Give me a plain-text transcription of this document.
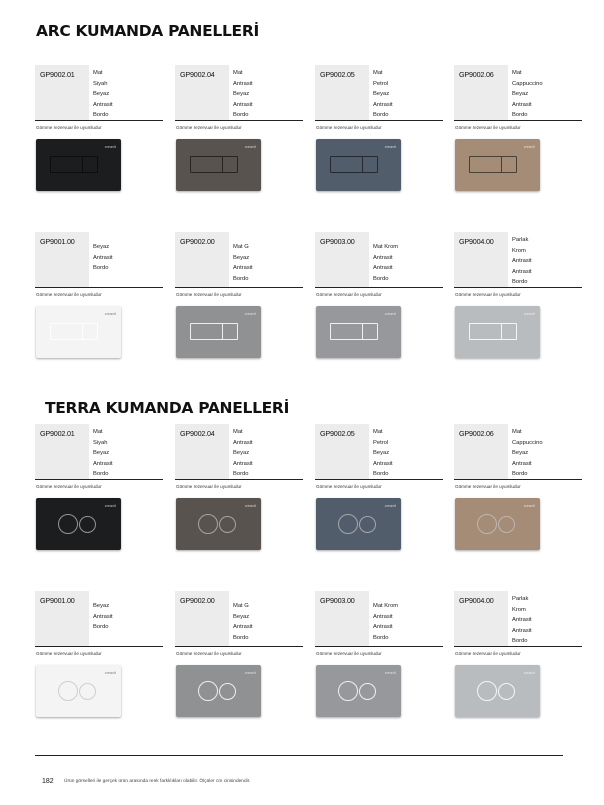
ARC KUMANDA PANELLERİ
GP9002.01	Mat
Siyah
Beyaz
Antrasit
Bordo
Gömme rezervuar ile uyumludur
creavit
GP9002.04	Mat
Antrasit
Beyaz
Antrasit
Bordo
Gömme rezervuar ile uyumludur
creavit
GP9002.05	Mat
Petrol
Beyaz
Antrasit
Bordo
Gömme rezervuar ile uyumludur
creavit
GP9002.06	Mat
Cappuccino
Beyaz
Antrasit
Bordo
Gömme rezervuar ile uyumludur
creavit
GP9001.00
Beyaz
Antrasit
Bordo
Gömme rezervuar ile uyumludur
creavit
GP9002.00
Mat G
Beyaz
Antrasit
Bordo
Gömme rezervuar ile uyumludur
creavit
GP9003.00
Mat Krom
Antrasit
Antrasit
Bordo
Gömme rezervuar ile uyumludur
creavit
GP9004.00	Parlak
Krom
Antrasit
Antrasit
Bordo
Gömme rezervuar ile uyumludur
creavit
TERRA KUMANDA PANELLERİ
GP9002.01	Mat
Siyah
Beyaz
Antrasit
Bordo
Gömme rezervuar ile uyumludur
creavit
GP9002.04	Mat
Antrasit
Beyaz
Antrasit
Bordo
Gömme rezervuar ile uyumludur
creavit
GP9002.05	Mat
Petrol
Beyaz
Antrasit
Bordo
Gömme rezervuar ile uyumludur
creavit
GP9002.06	Mat
Cappuccino
Beyaz
Antrasit
Bordo
Gömme rezervuar ile uyumludur
creavit
GP9001.00
Beyaz
Antrasit
Bordo
Gömme rezervuar ile uyumludur
creavit
GP9002.00
Mat G
Beyaz
Antrasit
Bordo
Gömme rezervuar ile uyumludur
creavit
GP9003.00
Mat Krom
Antrasit
Antrasit
Bordo
Gömme rezervuar ile uyumludur
creavit
GP9004.00	Parlak
Krom
Antrasit
Antrasit
Bordo
Gömme rezervuar ile uyumludur
creavit
182 Ürün görselleri ile gerçek ürün arasında renk farklılıkları olabilir. Ölçüler cm cinsindendir.
